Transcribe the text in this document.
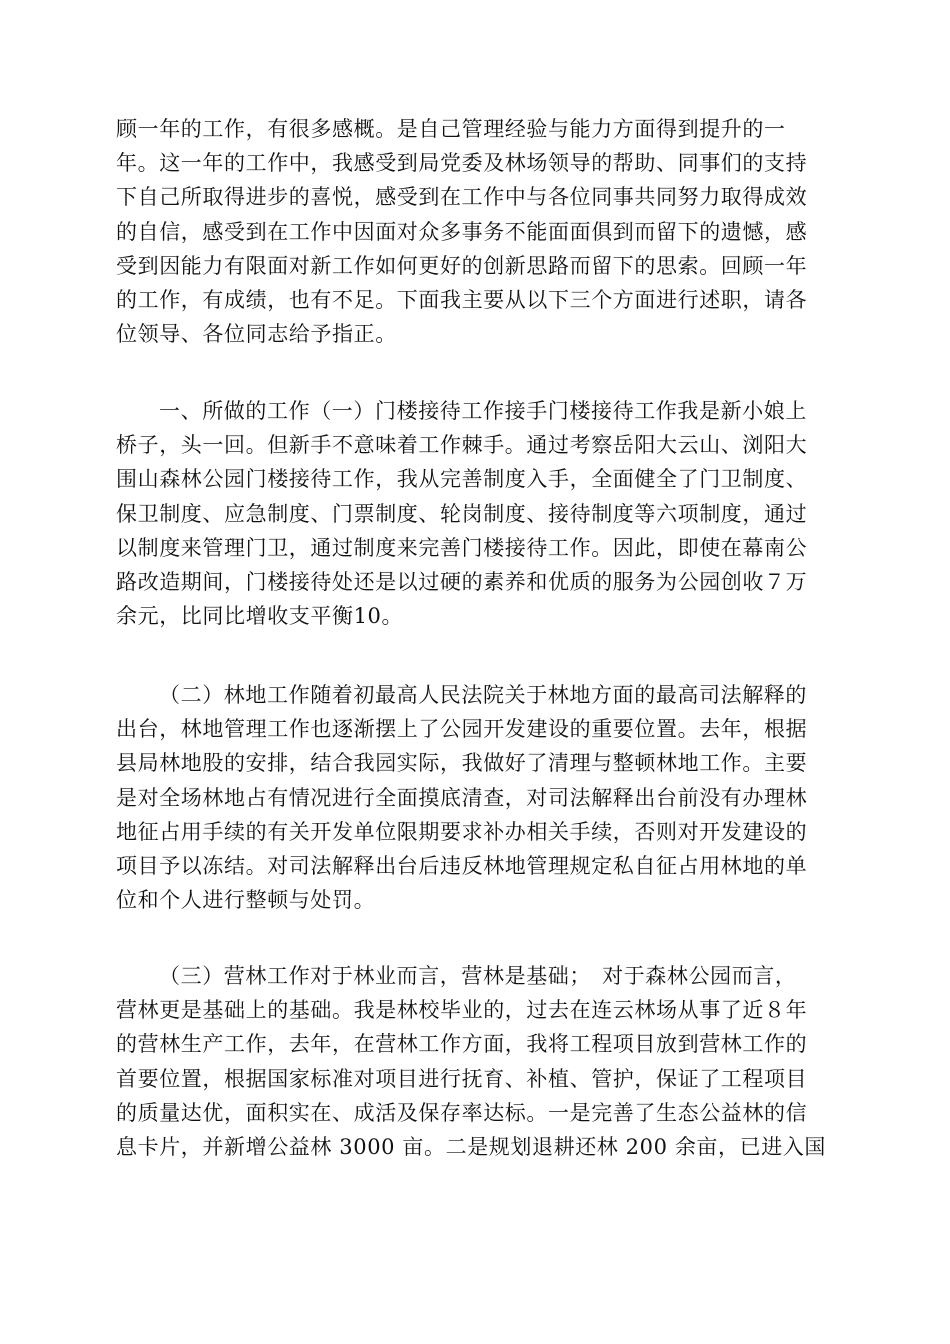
顾一年的工作，有很多感概。是自己管理经验与能力方面得到提升的一
年。这一年的工作中，我感受到局党委及林场领导的帮助、同事们的支持
下自己所取得进步的喜悦，感受到在工作中与各位同事共同努力取得成效
的自信，感受到在工作中因面对众多事务不能面面俱到而留下的遗憾，感
受到因能力有限面对新工作如何更好的创新思路而留下的思索。回顾一年
的工作，有成绩，也有不足。下面我主要从以下三个方面进行述职，请各
位领导、各位同志给予指正。
一、所做的工作（一）门楼接待工作接手门楼接待工作我是新小娘上
桥子，头一回。但新手不意味着工作棘手。通过考察岳阳大云山、浏阳大
围山森林公园门楼接待工作，我从完善制度入手，全面健全了门卫制度、
保卫制度、应急制度、门票制度、轮岗制度、接待制度等六项制度，通过
以制度来管理门卫，通过制度来完善门楼接待工作。因此，即使在幕南公
路改造期间，门楼接待处还是以过硬的素养和优质的服务为公园创收７万
余元，比同比增收支平衡10。
（二）林地工作随着初最高人民法院关于林地方面的最高司法解释的
出台，林地管理工作也逐渐摆上了公园开发建设的重要位置。去年，根据
县局林地股的安排，结合我园实际，我做好了清理与整顿林地工作。主要
是对全场林地占有情况进行全面摸底清查，对司法解释出台前没有办理林
地征占用手续的有关开发单位限期要求补办相关手续，否则对开发建设的
项目予以冻结。对司法解释出台后违反林地管理规定私自征占用林地的单
位和个人进行整顿与处罚。
（三）营林工作对于林业而言，营林是基础；　对于森林公园而言，
营林更是基础上的基础。我是林校毕业的，过去在连云林场从事了近８年
的营林生产工作，去年，在营林工作方面，我将工程项目放到营林工作的
首要位置，根据国家标准对项目进行抚育、补植、管护，保证了工程项目
的质量达优，面积实在、成活及保存率达标。一是完善了生态公益林的信
息卡片，并新增公益林 3000 亩。二是规划退耕还林 200 余亩，已进入国
